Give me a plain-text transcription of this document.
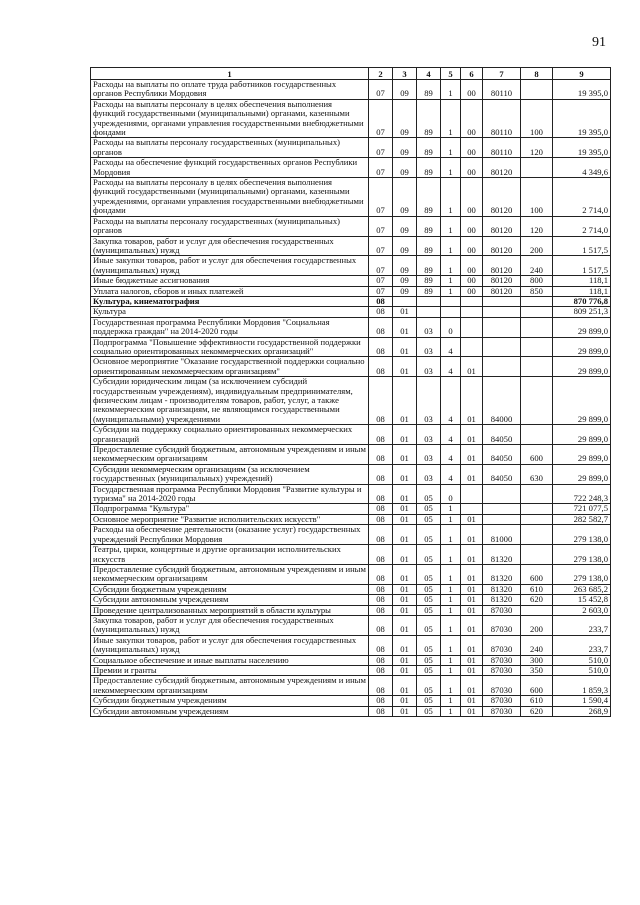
91
1	2	3	4	5	6	7	8	9
Расходы на выплаты по оплате труда работников государственных органов Республики Мордовия	07	09	89	1	00	80110		19 395,0
Расходы на выплаты персоналу в целях обеспечения выполнения функций государственными (муниципальными) органами, казенными учреждениями, органами управления государственными внебюджетными фондами	07	09	89	1	00	80110	100	19 395,0
Расходы на выплаты персоналу государственных (муниципальных) органов	07	09	89	1	00	80110	120	19 395,0
Расходы на обеспечение функций государственных органов Республики Мордовия	07	09	89	1	00	80120		4 349,6
Расходы на выплаты персоналу в целях обеспечения выполнения функций государственными (муниципальными) органами, казенными учреждениями, органами управления государственными внебюджетными фондами	07	09	89	1	00	80120	100	2 714,0
Расходы на выплаты персоналу государственных (муниципальных) органов	07	09	89	1	00	80120	120	2 714,0
Закупка товаров, работ и услуг для обеспечения государственных (муниципальных) нужд	07	09	89	1	00	80120	200	1 517,5
Иные закупки товаров, работ и услуг для обеспечения государственных (муниципальных) нужд	07	09	89	1	00	80120	240	1 517,5
Иные бюджетные ассигнования	07	09	89	1	00	80120	800	118,1
Уплата налогов, сборов и иных платежей	07	09	89	1	00	80120	850	118,1
Культура, кинематография	08							870 776,8
Культура	08	01						809 251,3
Государственная программа Республики Мордовия "Социальная поддержка граждан" на 2014-2020 годы	08	01	03	0				29 899,0
Подпрограмма "Повышение эффективности государственной поддержки социально ориентированных некоммерческих организаций"	08	01	03	4				29 899,0
Основное мероприятие "Оказание государственной поддержки социально ориентированным некоммерческим организациям"	08	01	03	4	01			29 899,0
Субсидии юридическим лицам (за исключением субсидий государственным учреждениям), индивидуальным предпринимателям, физическим лицам - производителям товаров, работ, услуг, а также некоммерческим организациям, не являющимся государственными (муниципальными) учреждениями	08	01	03	4	01	84000		29 899,0
Субсидии на поддержку социально ориентированных некоммерческих организаций	08	01	03	4	01	84050		29 899,0
Предоставление субсидий бюджетным, автономным учреждениям и иным некоммерческим организациям	08	01	03	4	01	84050	600	29 899,0
Субсидии некоммерческим организациям (за исключением государственных (муниципальных) учреждений)	08	01	03	4	01	84050	630	29 899,0
Государственная программа Республики Мордовия "Развитие культуры и туризма" на 2014-2020 годы	08	01	05	0				722 248,3
Подпрограмма "Культура"	08	01	05	1				721 077,5
Основное мероприятие "Развитие исполнительских искусств"	08	01	05	1	01			282 582,7
Расходы на обеспечение деятельности (оказание услуг) государственных учреждений Республики Мордовия	08	01	05	1	01	81000		279 138,0
Театры, цирки, концертные и другие организации исполнительских искусств	08	01	05	1	01	81320		279 138,0
Предоставление субсидий бюджетным, автономным учреждениям и иным некоммерческим организациям	08	01	05	1	01	81320	600	279 138,0
Субсидии бюджетным учреждениям	08	01	05	1	01	81320	610	263 685,2
Субсидии автономным учреждениям	08	01	05	1	01	81320	620	15 452,8
Проведение централизованных мероприятий в области культуры	08	01	05	1	01	87030		2 603,0
Закупка товаров, работ и услуг для обеспечения государственных (муниципальных) нужд	08	01	05	1	01	87030	200	233,7
Иные закупки товаров, работ и услуг для обеспечения государственных (муниципальных) нужд	08	01	05	1	01	87030	240	233,7
Социальное обеспечение и иные выплаты населению	08	01	05	1	01	87030	300	510,0
Премии и гранты	08	01	05	1	01	87030	350	510,0
Предоставление субсидий бюджетным, автономным учреждениям и иным некоммерческим организациям	08	01	05	1	01	87030	600	1 859,3
Субсидии бюджетным учреждениям	08	01	05	1	01	87030	610	1 590,4
Субсидии автономным учреждениям	08	01	05	1	01	87030	620	268,9
